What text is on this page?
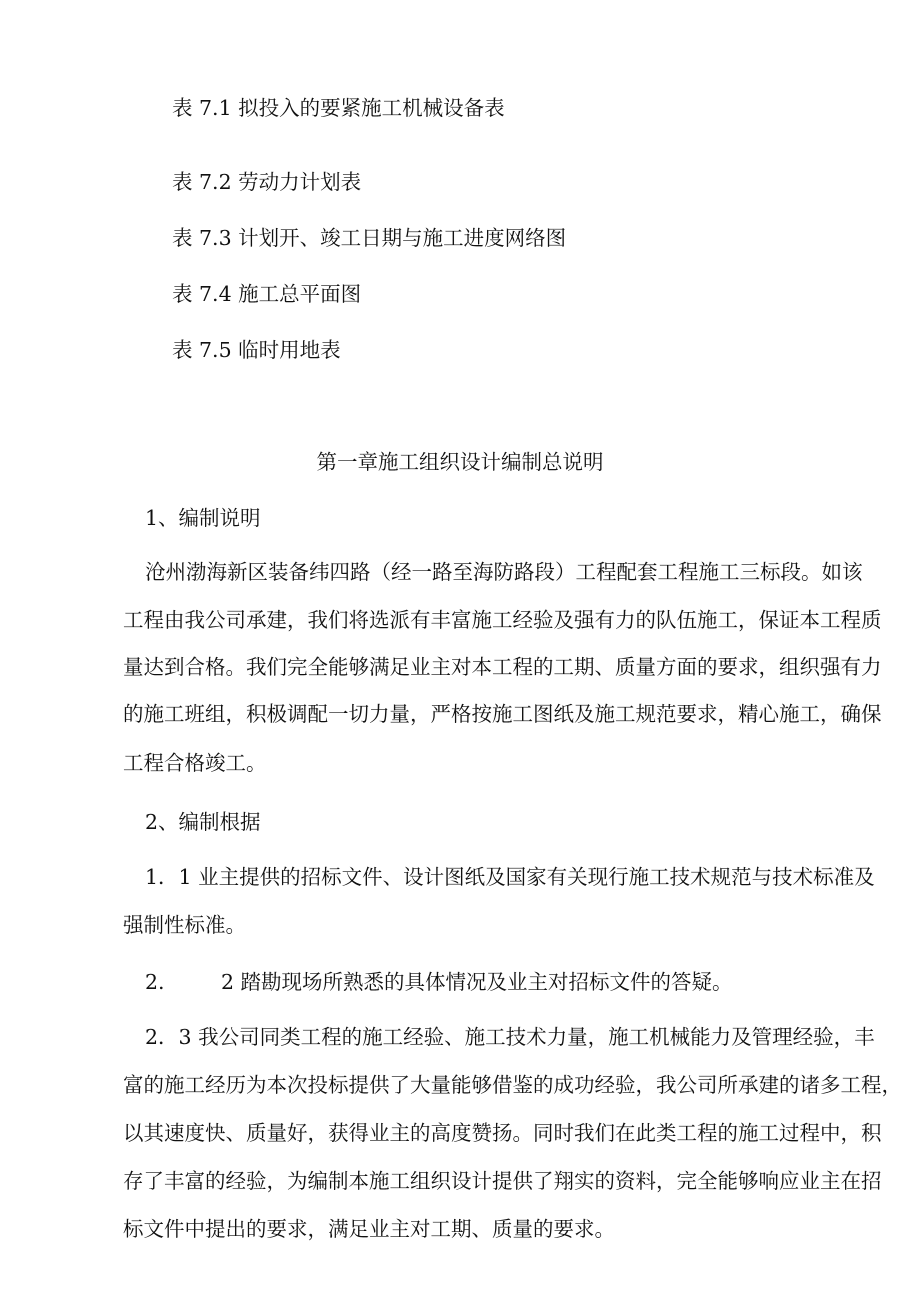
表 7.1 拟投入的要紧施工机械设备表
表 7.2 劳动力计划表
表 7.3 计划开、竣工日期与施工进度网络图
表 7.4 施工总平面图
表 7.5 临时用地表
第一章施工组织设计编制总说明
1、编制说明
沧州渤海新区装备纬四路（经一路至海防路段）工程配套工程施工三标段。如该
工程由我公司承建，我们将选派有丰富施工经验及强有力的队伍施工，保证本工程质
量达到合格。我们完全能够满足业主对本工程的工期、质量方面的要求，组织强有力
的施工班组，积极调配一切力量，严格按施工图纸及施工规范要求，精心施工，确保
工程合格竣工。
2、编制根据
1．1 业主提供的招标文件、设计图纸及国家有关现行施工技术规范与技术标准及
强制性标准。
2.	2 踏勘现场所熟悉的具体情况及业主对招标文件的答疑。
2．3 我公司同类工程的施工经验、施工技术力量，施工机械能力及管理经验，丰
富的施工经历为本次投标提供了大量能够借鉴的成功经验，我公司所承建的诸多工程，
以其速度快、质量好，获得业主的高度赞扬。同时我们在此类工程的施工过程中，积
存了丰富的经验，为编制本施工组织设计提供了翔实的资料，完全能够响应业主在招
标文件中提出的要求，满足业主对工期、质量的要求。
